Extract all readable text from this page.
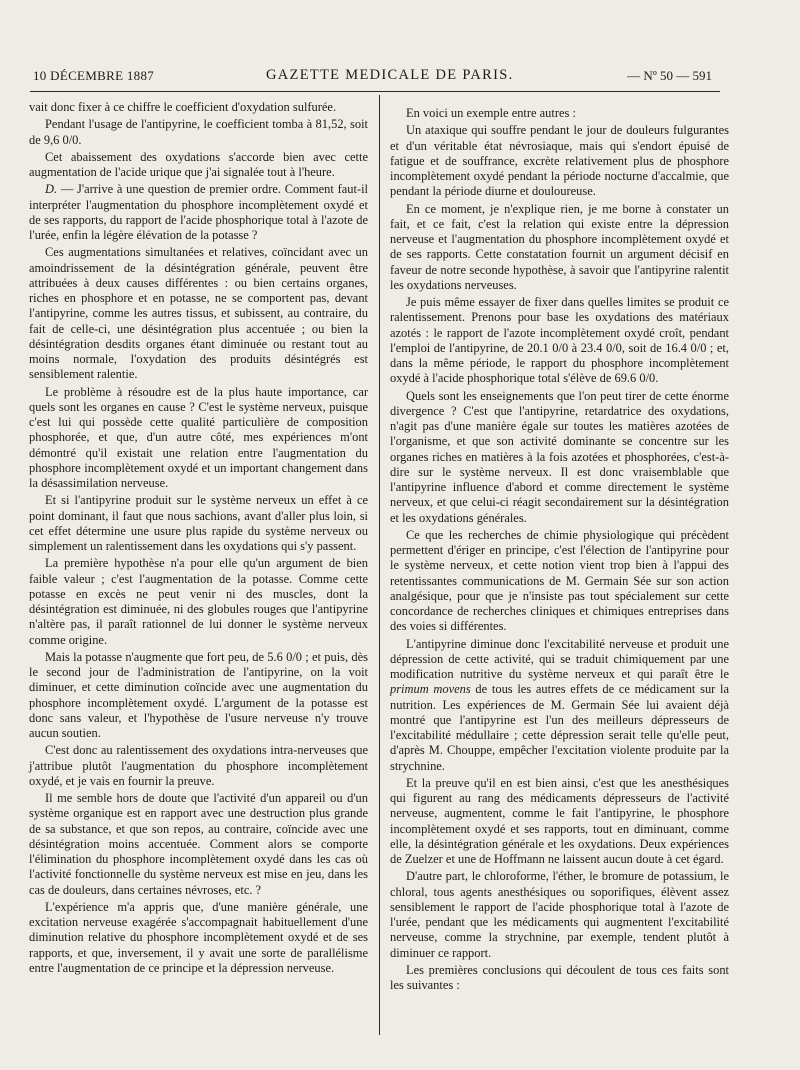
10 DÉCEMBRE 1887	GAZETTE MEDICALE DE PARIS.	— Nº 50 — 591

vait donc fixer à ce chiffre le coefficient d'oxydation sulfurée.

Pendant l'usage de l'antipyrine, le coefficient tomba à 81,52, soit de 9,6 0/0.

Cet abaissement des oxydations s'accorde bien avec cette augmentation de l'acide urique que j'ai signalée tout à l'heure.

D. — J'arrive à une question de premier ordre. Comment faut-il interpréter l'augmentation du phosphore incomplètement oxydé et de ses rapports, du rapport de l'acide phosphorique total à l'azote de l'urée, enfin la légère élévation de la potasse ?

Ces augmentations simultanées et relatives, coïncidant avec un amoindrissement de la désintégration générale, peuvent être attribuées à deux causes différentes : ou bien certains organes, riches en phosphore et en potasse, ne se comportent pas, devant l'antipyrine, comme les autres tissus, et subissent, au contraire, du fait de celle-ci, une désintégration plus accentuée ; ou bien la désintégration desdits organes étant diminuée ou restant tout au moins normale, l'oxydation des produits désintégrés est sensiblement ralentie.

Le problème à résoudre est de la plus haute importance, car quels sont les organes en cause ? C'est le système nerveux, puisque c'est lui qui possède cette qualité particulière de composition phosphorée, et que, d'un autre côté, mes expériences m'ont démontré qu'il existait une relation entre l'augmentation du phosphore incomplètement oxydé et un important changement dans la désassimilation nerveuse.

Et si l'antipyrine produit sur le système nerveux un effet à ce point dominant, il faut que nous sachions, avant d'aller plus loin, si cet effet détermine une usure plus rapide du système nerveux ou simplement un ralentissement dans les oxydations qui s'y passent.

La première hypothèse n'a pour elle qu'un argument de bien faible valeur ; c'est l'augmentation de la potasse. Comme cette potasse en excès ne peut venir ni des muscles, dont la désintégration est diminuée, ni des globules rouges que l'antipyrine n'altère pas, il paraît rationnel de lui donner le système nerveux comme origine.

Mais la potasse n'augmente que fort peu, de 5.6 0/0 ; et puis, dès le second jour de l'administration de l'antipyrine, on la voit diminuer, et cette diminution coïncide avec une augmentation du phosphore incomplètement oxydé. L'argument de la potasse est donc sans valeur, et l'hypothèse de l'usure nerveuse n'y trouve aucun soutien.

C'est donc au ralentissement des oxydations intra-nerveuses que j'attribue plutôt l'augmentation du phosphore incomplètement oxydé, et je vais en fournir la preuve.

Il me semble hors de doute que l'activité d'un appareil ou d'un système organique est en rapport avec une destruction plus grande de sa substance, et que son repos, au contraire, coïncide avec une désintégration moins accentuée. Comment alors se comporte l'élimination du phosphore incomplètement oxydé dans les cas où l'activité fonctionnelle du système nerveux est mise en jeu, dans les cas de douleurs, dans certaines névroses, etc. ?

L'expérience m'a appris que, d'une manière générale, une excitation nerveuse exagérée s'accompagnait habituellement d'une diminution relative du phosphore incomplètement oxydé et de ses rapports, et que, inversement, il y avait une sorte de parallélisme entre l'augmentation de ce principe et la dépression nerveuse.

En voici un exemple entre autres :

Un ataxique qui souffre pendant le jour de douleurs fulgurantes et d'un véritable état névrosiaque, mais qui s'endort épuisé de fatigue et de souffrance, excrète relativement plus de phosphore incomplètement oxydé pendant la période nocturne d'accalmie, que pendant la période diurne et douloureuse.

En ce moment, je n'explique rien, je me borne à constater un fait, et ce fait, c'est la relation qui existe entre la dépression nerveuse et l'augmentation du phosphore incomplètement oxydé et de ses rapports. Cette constatation fournit un argument décisif en faveur de notre seconde hypothèse, à savoir que l'antipyrine ralentit les oxydations nerveuses.

Je puis même essayer de fixer dans quelles limites se produit ce ralentissement. Prenons pour base les oxydations des matériaux azotés : le rapport de l'azote incomplètement oxydé croît, pendant l'emploi de l'antipyrine, de 20.1 0/0 à 23.4 0/0, soit de 16.4 0/0 ; et, dans la même période, le rapport du phosphore incomplètement oxydé à l'acide phosphorique total s'élève de 69.6 0/0.

Quels sont les enseignements que l'on peut tirer de cette énorme divergence ? C'est que l'antipyrine, retardatrice des oxydations, n'agit pas d'une manière égale sur toutes les matières azotées de l'organisme, et que son activité dominante se concentre sur les organes riches en matières à la fois azotées et phosphorées, c'est-à-dire sur le système nerveux. Il est donc vraisemblable que l'antipyrine influence d'abord et comme directement le système nerveux, et que celui-ci réagit secondairement sur la désintégration et les oxydations générales.

Ce que les recherches de chimie physiologique qui précèdent permettent d'ériger en principe, c'est l'élection de l'antipyrine pour le système nerveux, et cette notion vient trop bien à l'appui des retentissantes communications de M. Germain Sée sur son action analgésique, pour que je n'insiste pas tout spécialement sur cette concordance de recherches cliniques et chimiques entreprises dans des voies si différentes.

L'antipyrine diminue donc l'excitabilité nerveuse et produit une dépression de cette activité, qui se traduit chimiquement par une modification nutritive du système nerveux et qui paraît être le primum movens de tous les autres effets de ce médicament sur la nutrition. Les expériences de M. Germain Sée lui avaient déjà montré que l'antipyrine est l'un des meilleurs dépresseurs de l'excitabilité médullaire ; cette dépression serait telle qu'elle peut, d'après M. Chouppe, empêcher l'excitation violente produite par la strychnine.

Et la preuve qu'il en est bien ainsi, c'est que les anesthésiques qui figurent au rang des médicaments dépresseurs de l'activité nerveuse, augmentent, comme le fait l'antipyrine, le phosphore incomplètement oxydé et ses rapports, tout en diminuant, comme elle, la désintégration générale et les oxydations. Deux expériences de Zuelzer et une de Hoffmann ne laissent aucun doute à cet égard.

D'autre part, le chloroforme, l'éther, le bromure de potassium, le chloral, tous agents anesthésiques ou soporifiques, élèvent assez sensiblement le rapport de l'acide phosphorique total à l'azote de l'urée, pendant que les médicaments qui augmentent l'excitabilité nerveuse, comme la strychnine, par exemple, tendent plutôt à diminuer ce rapport.

Les premières conclusions qui découlent de tous ces faits sont les suivantes :
